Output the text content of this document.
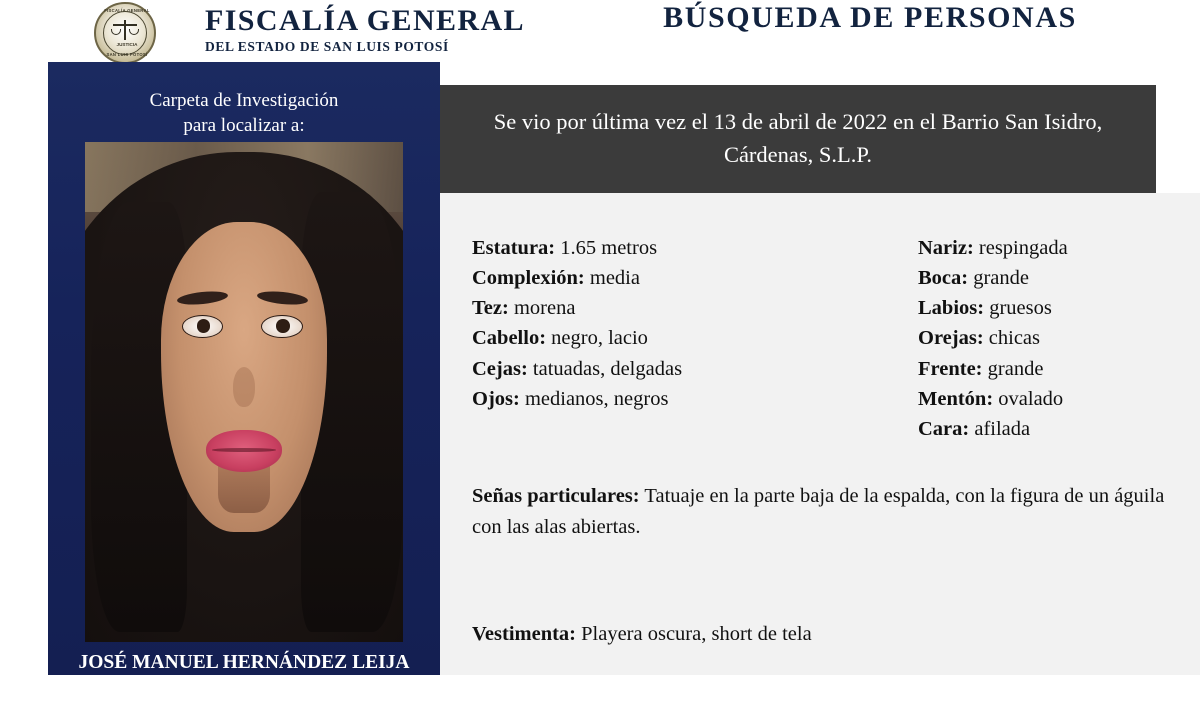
FISCALÍA GENERAL
JUSTICIA
SAN LUIS POTOSÍ
FISCALÍA GENERAL
DEL ESTADO DE SAN LUIS POTOSÍ
BÚSQUEDA DE PERSONAS
Carpeta de Investigación
para localizar a:
JOSÉ MANUEL HERNÁNDEZ LEIJA con identidad de género femenina, que se identifica
Se vio por última vez el 13 de abril de 2022 en el Barrio San Isidro, Cárdenas, S.L.P.
Estatura: 1.65 metros
Complexión: media
Tez: morena
Cabello: negro, lacio
Cejas: tatuadas, delgadas
Ojos: medianos, negros
Nariz: respingada
Boca: grande
Labios: gruesos
Orejas: chicas
Frente: grande
Mentón: ovalado
Cara: afilada
Señas particulares: Tatuaje en la parte baja de la espalda, con la figura de un águila con las alas abiertas.
Vestimenta: Playera oscura, short de tela
